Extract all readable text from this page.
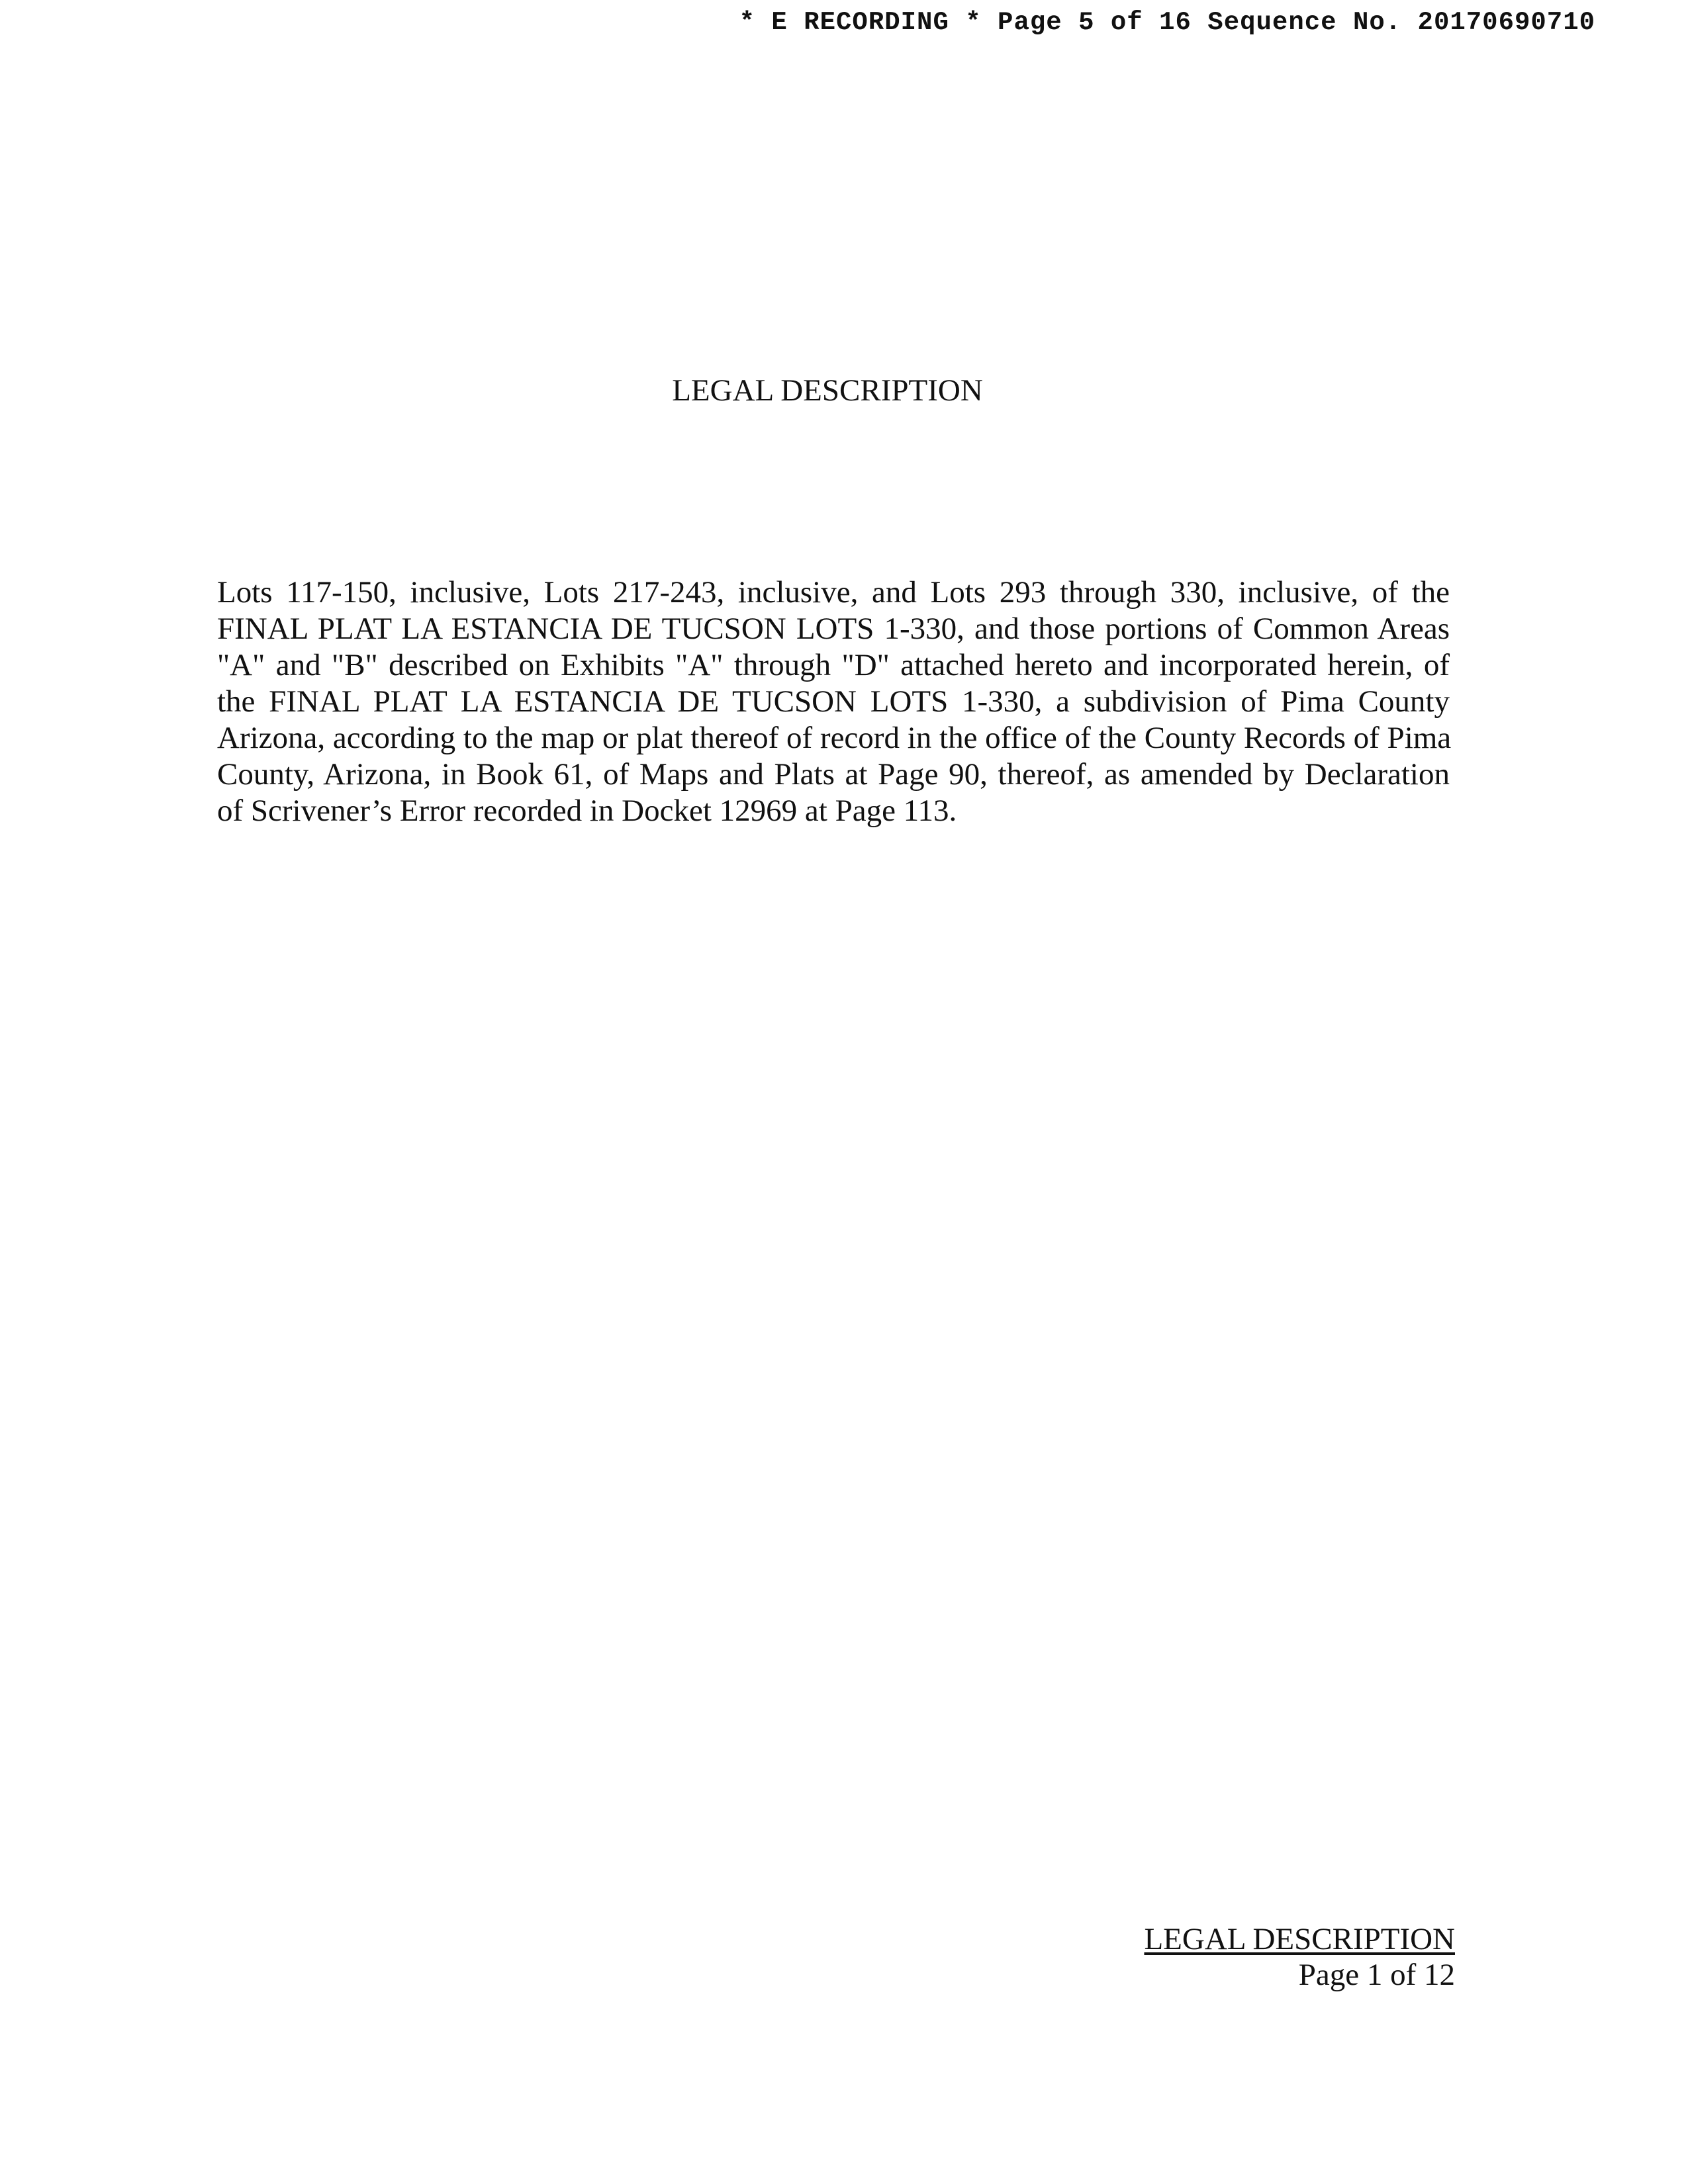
* E RECORDING * Page 5 of 16 Sequence No. 20170690710
LEGAL DESCRIPTION
Lots 117-150, inclusive, Lots 217-243, inclusive, and Lots 293 through 330, inclusive, of the
FINAL PLAT LA ESTANCIA DE TUCSON LOTS 1-330, and those portions of Common Areas
"A" and "B" described on Exhibits "A" through "D" attached hereto and incorporated herein, of
the FINAL PLAT LA ESTANCIA DE TUCSON LOTS 1-330, a subdivision of Pima County
Arizona, according to the map or plat thereof of record in the office of the County Records of Pima
County, Arizona, in Book 61, of Maps and Plats at Page 90, thereof, as amended by Declaration
of Scrivener’s Error recorded in Docket 12969 at Page 113.
LEGAL DESCRIPTION
Page 1 of 12
